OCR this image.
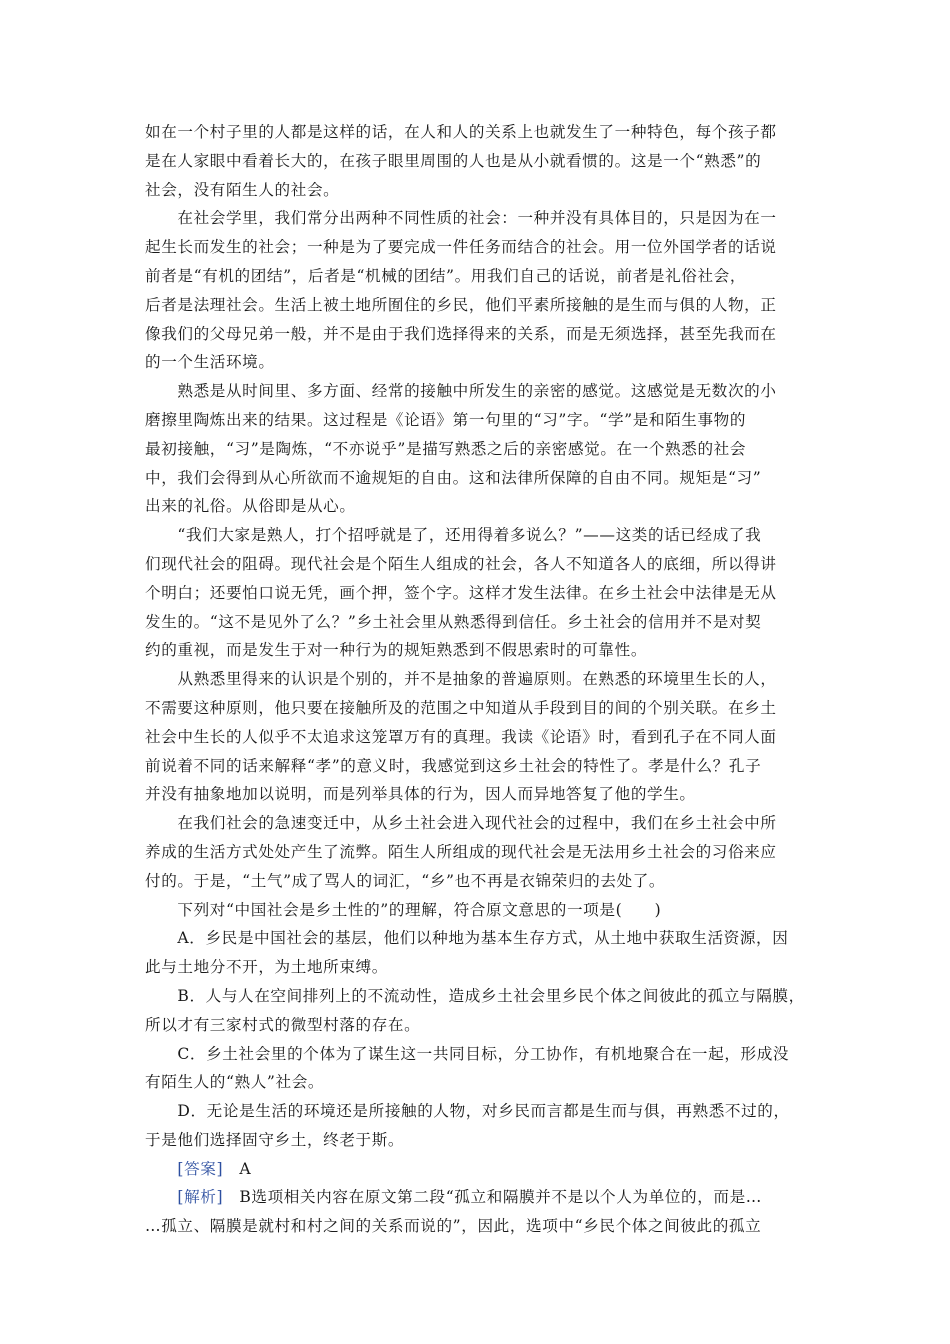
如在一个村子里的人都是这样的话，在人和人的关系上也就发生了一种特色，每个孩子都
是在人家眼中看着长大的，在孩子眼里周围的人也是从小就看惯的。这是一个“熟悉”的
社会，没有陌生人的社会。
　　在社会学里，我们常分出两种不同性质的社会：一种并没有具体目的，只是因为在一
起生长而发生的社会；一种是为了要完成一件任务而结合的社会。用一位外国学者的话说
前者是“有机的团结”，后者是“机械的团结”。用我们自己的话说，前者是礼俗社会，
后者是法理社会。生活上被土地所囿住的乡民，他们平素所接触的是生而与俱的人物，正
像我们的父母兄弟一般，并不是由于我们选择得来的关系，而是无须选择，甚至先我而在
的一个生活环境。
　　熟悉是从时间里、多方面、经常的接触中所发生的亲密的感觉。这感觉是无数次的小
磨擦里陶炼出来的结果。这过程是《论语》第一句里的“习”字。“学”是和陌生事物的
最初接触，“习”是陶炼，“不亦说乎”是描写熟悉之后的亲密感觉。在一个熟悉的社会
中，我们会得到从心所欲而不逾规矩的自由。这和法律所保障的自由不同。规矩是“习”
出来的礼俗。从俗即是从心。
　　“我们大家是熟人，打个招呼就是了，还用得着多说么？”——这类的话已经成了我
们现代社会的阻碍。现代社会是个陌生人组成的社会，各人不知道各人的底细，所以得讲
个明白；还要怕口说无凭，画个押，签个字。这样才发生法律。在乡土社会中法律是无从
发生的。“这不是见外了么？”乡土社会里从熟悉得到信任。乡土社会的信用并不是对契
约的重视，而是发生于对一种行为的规矩熟悉到不假思索时的可靠性。
　　从熟悉里得来的认识是个别的，并不是抽象的普遍原则。在熟悉的环境里生长的人，
不需要这种原则，他只要在接触所及的范围之中知道从手段到目的间的个别关联。在乡土
社会中生长的人似乎不太追求这笼罩万有的真理。我读《论语》时，看到孔子在不同人面
前说着不同的话来解释“孝”的意义时，我感觉到这乡土社会的特性了。孝是什么？孔子
并没有抽象地加以说明，而是列举具体的行为，因人而异地答复了他的学生。
　　在我们社会的急速变迁中，从乡土社会进入现代社会的过程中，我们在乡土社会中所
养成的生活方式处处产生了流弊。陌生人所组成的现代社会是无法用乡土社会的习俗来应
付的。于是，“土气”成了骂人的词汇，“乡”也不再是衣锦荣归的去处了。
　　下列对“中国社会是乡土性的”的理解，符合原文意思的一项是(　　)
　　A．乡民是中国社会的基层，他们以种地为基本生存方式，从土地中获取生活资源，因
此与土地分不开，为土地所束缚。
　　B．人与人在空间排列上的不流动性，造成乡土社会里乡民个体之间彼此的孤立与隔膜，
所以才有三家村式的微型村落的存在。
　　C．乡土社会里的个体为了谋生这一共同目标，分工协作，有机地聚合在一起，形成没
有陌生人的“熟人”社会。
　　D．无论是生活的环境还是所接触的人物，对乡民而言都是生而与俱，再熟悉不过的，
于是他们选择固守乡土，终老于斯。
　　[答案]　A
　　[解析]　B选项相关内容在原文第二段“孤立和隔膜并不是以个人为单位的，而是…
…孤立、隔膜是就村和村之间的关系而说的”，因此，选项中“乡民个体之间彼此的孤立
